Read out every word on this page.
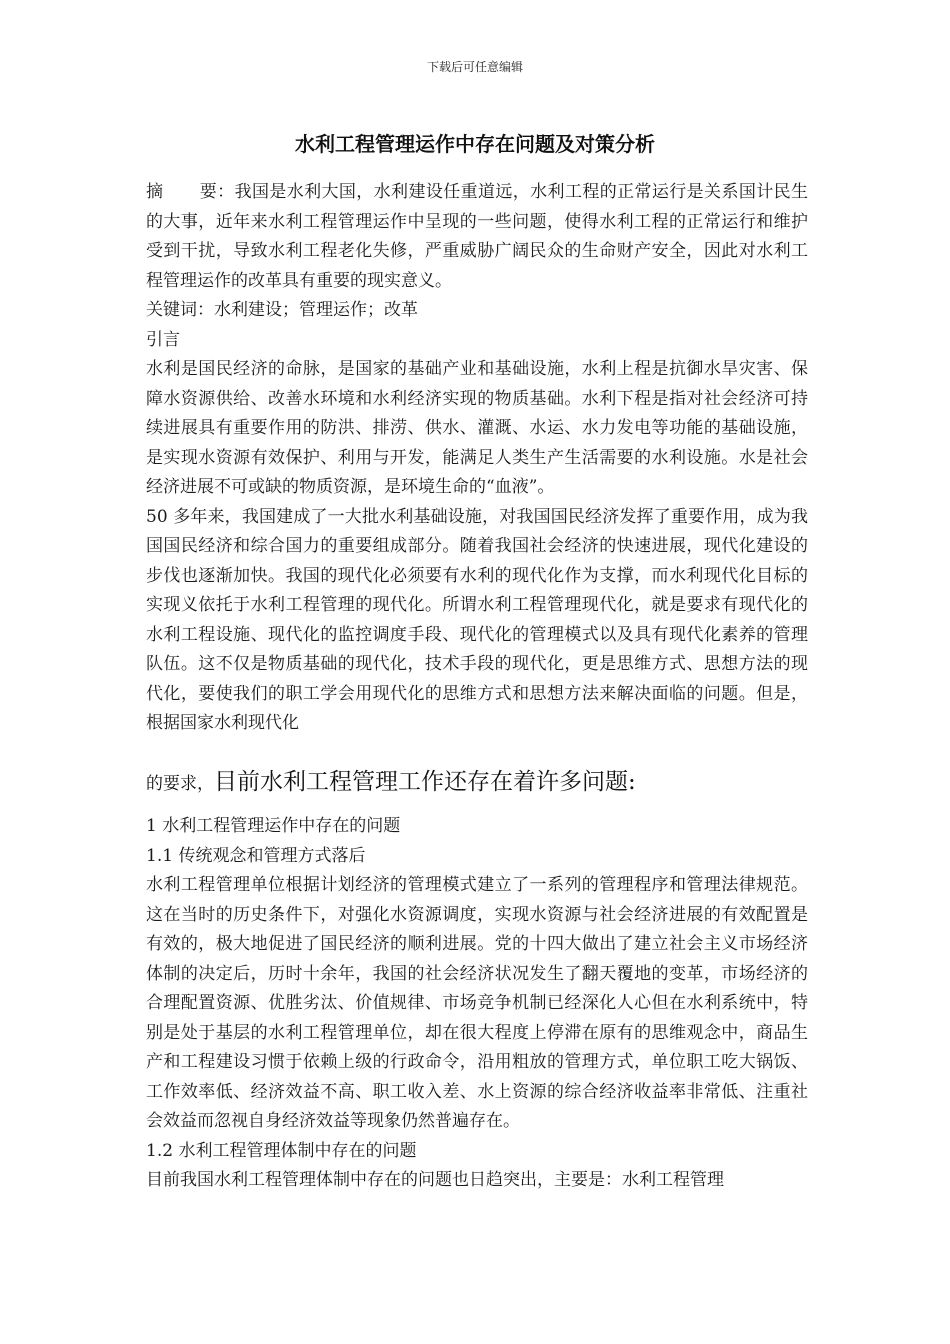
下载后可任意编辑
水利工程管理运作中存在问题及对策分析

摘 要：我国是水利大国，水利建设任重道远，水利工程的正常运行是关系国计民生的大事，近年来水利工程管理运作中呈现的一些问题，使得水利工程的正常运行和维护受到干扰，导致水利工程老化失修，严重威胁广阔民众的生命财产安全，因此对水利工程管理运作的改革具有重要的现实意义。

关键词：水利建设；管理运作；改革

引言

水利是国民经济的命脉，是国家的基础产业和基础设施，水利上程是抗御水旱灾害、保障水资源供给、改善水环境和水利经济实现的物质基础。水利下程是指对社会经济可持续进展具有重要作用的防洪、排涝、供水、灌溉、水运、水力发电等功能的基础设施，是实现水资源有效保护、利用与开发，能满足人类生产生活需要的水利设施。水是社会经济进展不可或缺的物质资源，是环境生命的“血液”。

50 多年来，我国建成了一大批水利基础设施，对我国国民经济发挥了重要作用，成为我国国民经济和综合国力的重要组成部分。随着我国社会经济的快速进展，现代化建设的步伐也逐渐加快。我国的现代化必须要有水利的现代化作为支撑，而水利现代化目标的实现义依托于水利工程管理的现代化。所谓水利工程管理现代化，就是要求有现代化的水利工程设施、现代化的监控调度手段、现代化的管理模式以及具有现代化素养的管理队伍。这不仅是物质基础的现代化，技术手段的现代化，更是思维方式、思想方法的现代化，要使我们的职工学会用现代化的思维方式和思想方法来解决面临的问题。但是，根据国家水利现代化

的要求，目前水利工程管理工作还存在着许多问题:

1 水利工程管理运作中存在的问题

1.1 传统观念和管理方式落后

水利工程管理单位根据计划经济的管理模式建立了一系列的管理程序和管理法律规范。这在当时的历史条件下，对强化水资源调度，实现水资源与社会经济进展的有效配置是有效的，极大地促进了国民经济的顺利进展。党的十四大做出了建立社会主义市场经济体制的决定后，历时十余年，我国的社会经济状况发生了翻天覆地的变革，市场经济的合理配置资源、优胜劣汰、价值规律、市场竞争机制已经深化人心但在水利系统中，特别是处于基层的水利工程管理单位，却在很大程度上停滞在原有的思维观念中，商品生产和工程建设习惯于依赖上级的行政命令，沿用粗放的管理方式，单位职工吃大锅饭、工作效率低、经济效益不高、职工收入差、水上资源的综合经济收益率非常低、注重社会效益而忽视自身经济效益等现象仍然普遍存在。

1.2 水利工程管理体制中存在的问题

目前我国水利工程管理体制中存在的问题也日趋突出，主要是：水利工程管理
